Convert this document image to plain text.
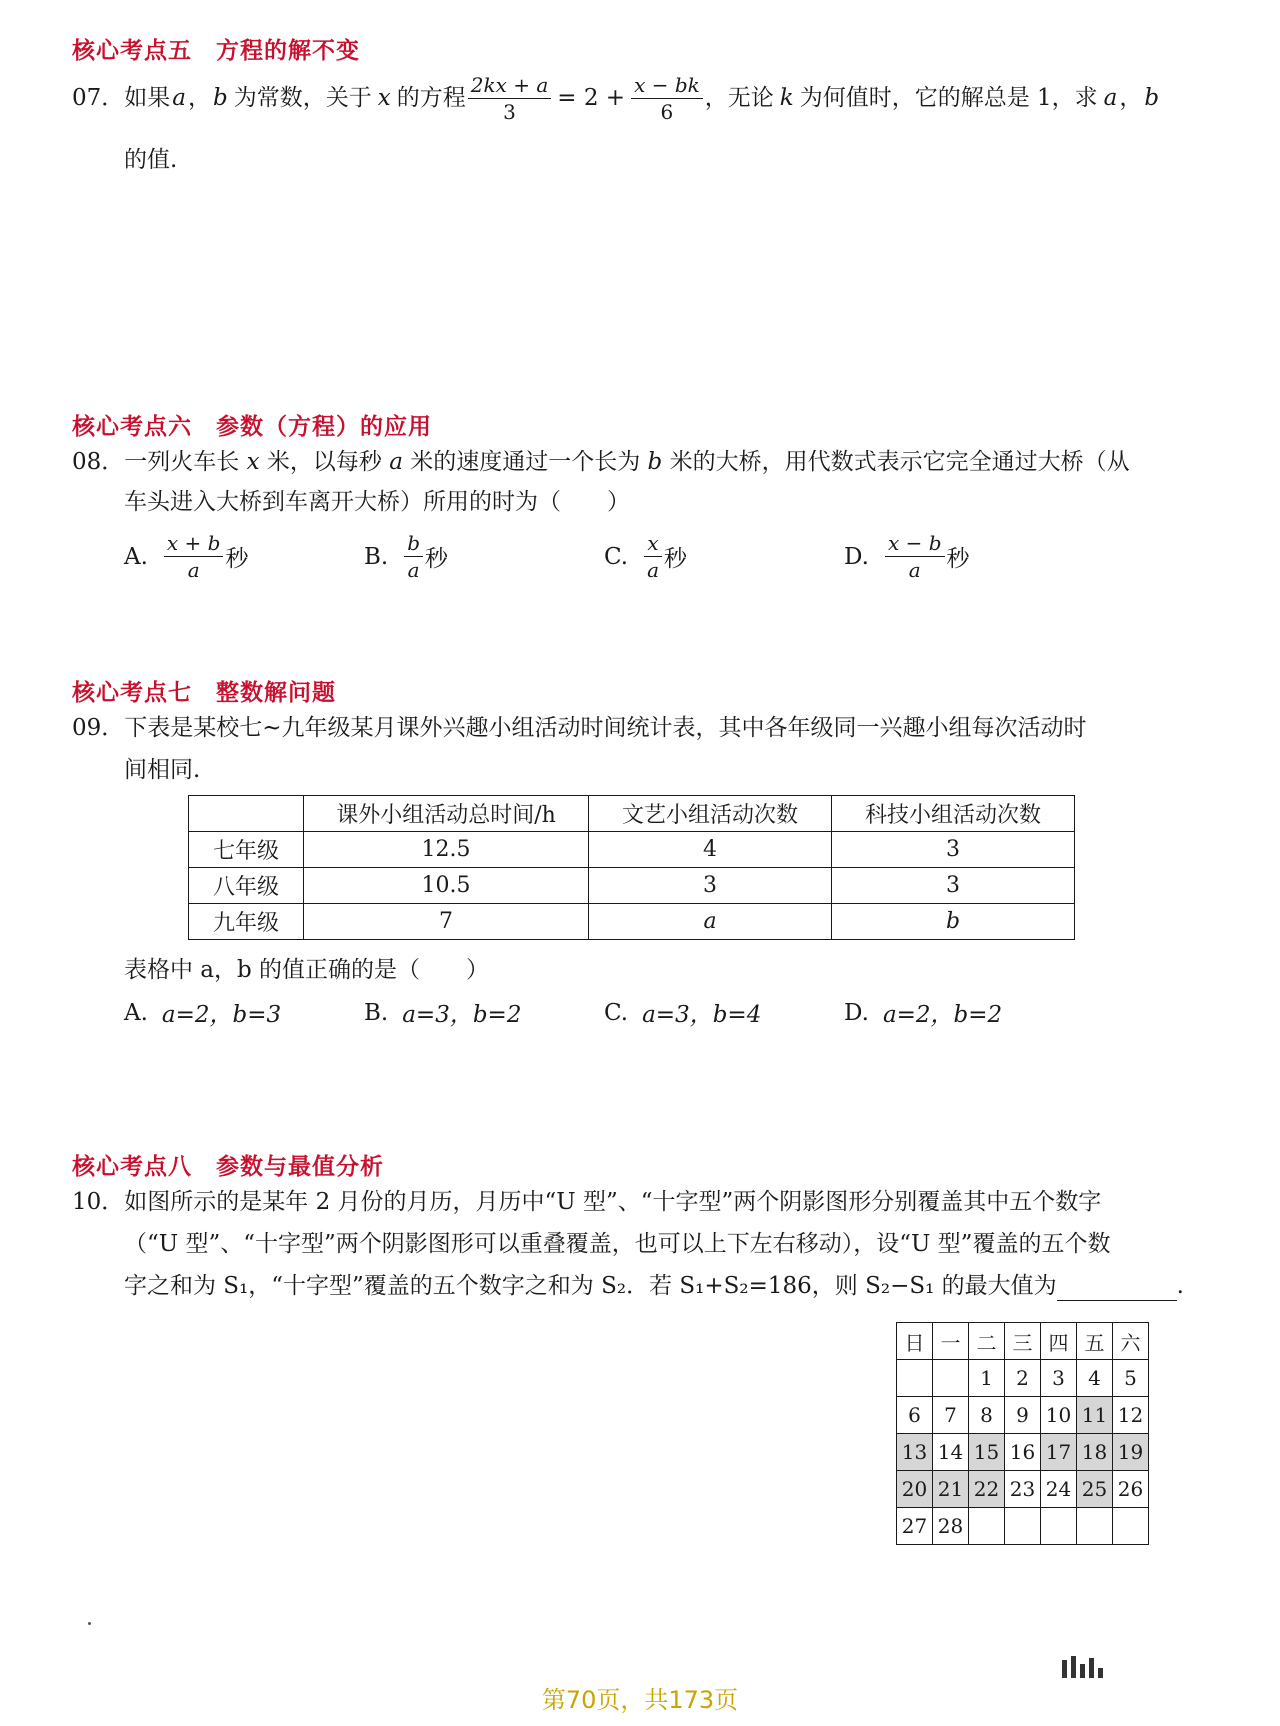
核心考点五 方程的解不变
07． 如果 a ， b 为常数，关于 x 的方程 $\frac{2kx + a}{3} = 2 + \frac{x - bk}{6}$ ，无论 k 为何值时，它的解总是 1，求 a ， b
的值.
核心考点六 参数（方程）的应用
08．一列火车长 x 米，以每秒 a 米的速度通过一个长为 b 米的大桥，用代数式表示它完全通过大桥（从
车头进入大桥到车离开大桥）所用的时为（　　）
A. $\frac{x + b}{a}$ 秒	B. $\frac{b}{a}$ 秒	C. $\frac{x}{a}$ 秒	D. $\frac{x - b}{a}$ 秒
核心考点七 整数解问题
09．下表是某校七~九年级某月课外兴趣小组活动时间统计表，其中各年级同一兴趣小组每次活动时
间相同.
	课外小组活动总时间/h	文艺小组活动次数	科技小组活动次数
七年级	12.5	4	3
八年级	10.5	3	3
九年级	7	a	b
表格中 a，b 的值正确的是（　　）
A. a=2，b=3	B. a=3，b=2	C. a=3，b=4	D. a=2，b=2
核心考点八 参数与最值分析
10．如图所示的是某年 2 月份的月历，月历中“U 型”、“十字型”两个阴影图形分别覆盖其中五个数字
（“U 型”、“十字型”两个阴影图形可以重叠覆盖，也可以上下左右移动），设“U 型”覆盖的五个数
字之和为 S₁，“十字型”覆盖的五个数字之和为 S₂．若 S₁+S₂=186，则 S₂−S₁ 的最大值为	.
日	一	二	三	四	五	六
		1	2	3	4	5
6	7	8	9	10	11	12
13	14	15	16	17	18	19
20	21	22	23	24	25	26
27	28					
第70页，共173页
